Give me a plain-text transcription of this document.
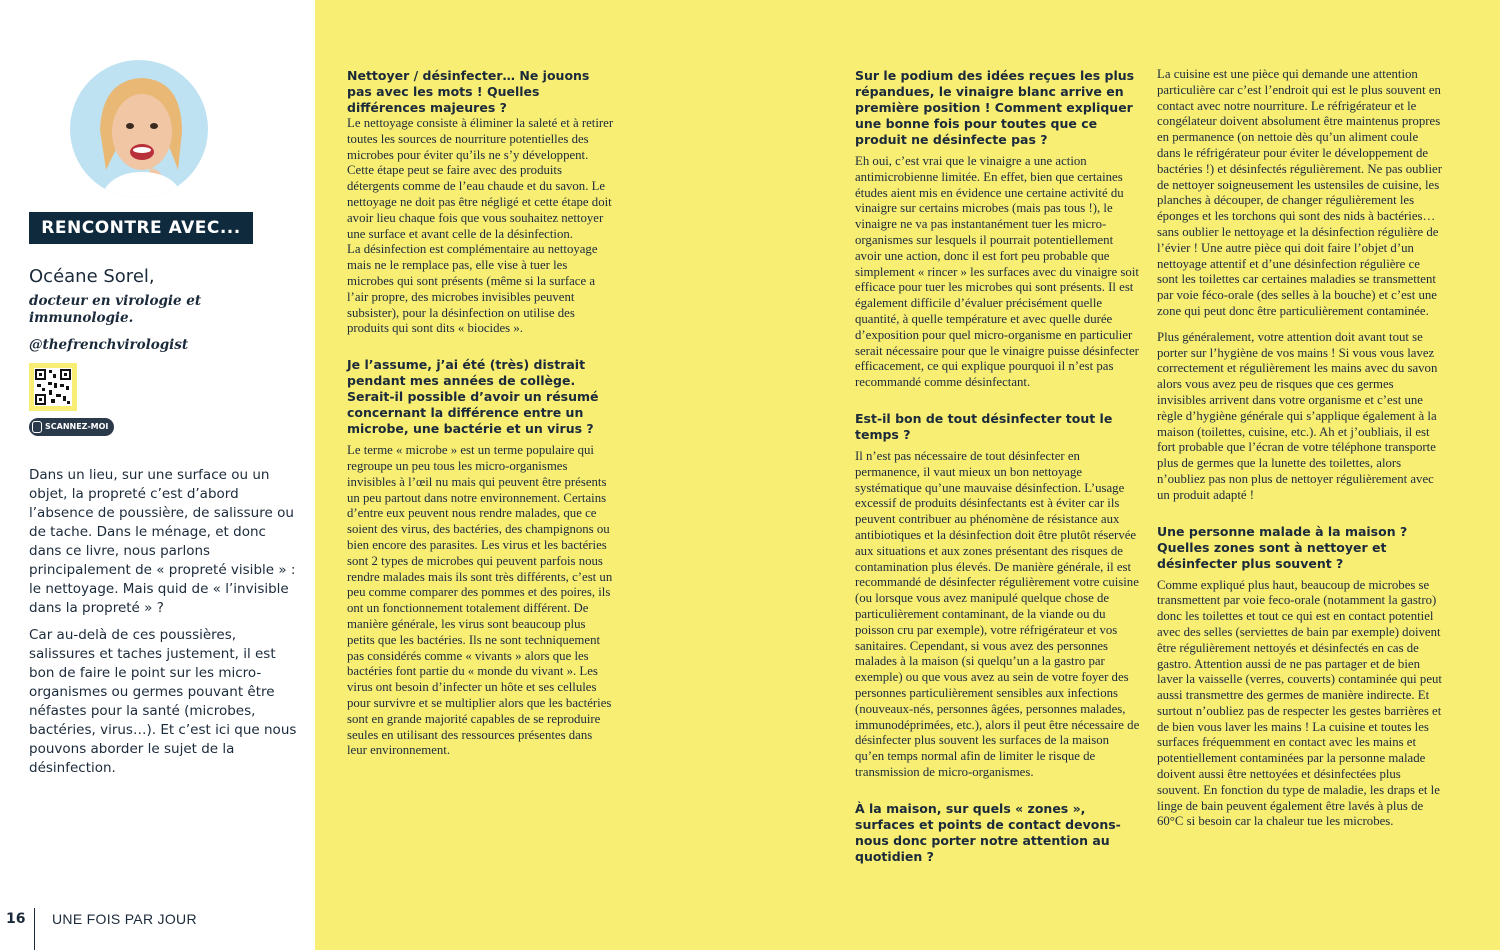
RENCONTRE AVEC...
Océane Sorel,
docteur en virologie et immunologie.
@thefrenchvirologist
SCANNEZ-MOI

Dans un lieu, sur une surface ou un objet, la propreté c’est d’abord l’absence de poussière, de salissure ou de tache. Dans le ménage, et donc dans ce livre, nous parlons principalement de « propreté visible » : le nettoyage. Mais quid de « l’invisible dans la propreté » ?

Car au-delà de ces poussières, salissures et taches justement, il est bon de faire le point sur les micro-organismes ou germes pouvant être néfastes pour la santé (microbes, bactéries, virus…). Et c’est ici que nous pouvons aborder le sujet de la désinfection.

16 UNE FOIS PAR JOUR
Nettoyer / désinfecter… Ne jouons pas avec les mots ! Quelles différences majeures ?

Le nettoyage consiste à éliminer la saleté et à retirer toutes les sources de nourriture potentielles des microbes pour éviter qu’ils ne s’y développent. Cette étape peut se faire avec des produits détergents comme de l’eau chaude et du savon. Le nettoyage ne doit pas être négligé et cette étape doit avoir lieu chaque fois que vous souhaitez nettoyer une surface et avant celle de la désinfection.

La désinfection est complémentaire au nettoyage mais ne le remplace pas, elle vise à tuer les microbes qui sont présents (même si la surface a l’air propre, des microbes invisibles peuvent subsister), pour la désinfection on utilise des produits qui sont dits « biocides ».

Je l’assume, j’ai été (très) distrait pendant mes années de collège. Serait-il possible d’avoir un résumé concernant la différence entre un microbe, une bactérie et un virus ?

Le terme « microbe » est un terme populaire qui regroupe un peu tous les micro-organismes invisibles à l’œil nu mais qui peuvent être présents un peu partout dans notre environnement. Certains d’entre eux peuvent nous rendre malades, que ce soient des virus, des bactéries, des champignons ou bien encore des parasites. Les virus et les bactéries sont 2 types de microbes qui peuvent parfois nous rendre malades mais ils sont très différents, c’est un peu comme comparer des pommes et des poires, ils ont un fonctionnement totalement différent. De manière générale, les virus sont beaucoup plus petits que les bactéries. Ils ne sont techniquement pas considérés comme « vivants » alors que les bactéries font partie du « monde du vivant ». Les virus ont besoin d’infecter un hôte et ses cellules pour survivre et se multiplier alors que les bactéries sont en grande majorité capables de se reproduire seules en utilisant des ressources présentes dans leur environnement.

Sur le podium des idées reçues les plus répandues, le vinaigre blanc arrive en première position ! Comment expliquer une bonne fois pour toutes que ce produit ne désinfecte pas ?

Eh oui, c’est vrai que le vinaigre a une action antimicrobienne limitée. En effet, bien que certaines études aient mis en évidence une certaine activité du vinaigre sur certains microbes (mais pas tous !), le vinaigre ne va pas instantanément tuer les micro-organismes sur lesquels il pourrait potentiellement avoir une action, donc il est fort peu probable que simplement « rincer » les surfaces avec du vinaigre soit efficace pour tuer les microbes qui sont présents. Il est également difficile d’évaluer précisément quelle quantité, à quelle température et avec quelle durée d’exposition pour quel micro-organisme en particulier serait nécessaire pour que le vinaigre puisse désinfecter efficacement, ce qui explique pourquoi il n’est pas recommandé comme désinfectant.

Est-il bon de tout désinfecter tout le temps ?

Il n’est pas nécessaire de tout désinfecter en permanence, il vaut mieux un bon nettoyage systématique qu’une mauvaise désinfection. L’usage excessif de produits désinfectants est à éviter car ils peuvent contribuer au phénomène de résistance aux antibiotiques et la désinfection doit être plutôt réservée aux situations et aux zones présentant des risques de contamination plus élevés. De manière générale, il est recommandé de désinfecter régulièrement votre cuisine (ou lorsque vous avez manipulé quelque chose de particulièrement contaminant, de la viande ou du poisson cru par exemple), votre réfrigérateur et vos sanitaires. Cependant, si vous avez des personnes malades à la maison (si quelqu’un a la gastro par exemple) ou que vous avez au sein de votre foyer des personnes particulièrement sensibles aux infections (nouveaux-nés, personnes âgées, personnes malades, immunodéprimées, etc.), alors il peut être nécessaire de désinfecter plus souvent les surfaces de la maison qu’en temps normal afin de limiter le risque de transmission de micro-organismes.

À la maison, sur quels « zones », surfaces et points de contact devons-nous donc porter notre attention au quotidien ?

La cuisine est une pièce qui demande une attention particulière car c’est l’endroit qui est le plus souvent en contact avec notre nourriture. Le réfrigérateur et le congélateur doivent absolument être maintenus propres en permanence (on nettoie dès qu’un aliment coule dans le réfrigérateur pour éviter le développement de bactéries !) et désinfectés régulièrement. Ne pas oublier de nettoyer soigneusement les ustensiles de cuisine, les planches à découper, de changer régulièrement les éponges et les torchons qui sont des nids à bactéries… sans oublier le nettoyage et la désinfection régulière de l’évier ! Une autre pièce qui doit faire l’objet d’un nettoyage attentif et d’une désinfection régulière ce sont les toilettes car certaines maladies se transmettent par voie féco-orale (des selles à la bouche) et c’est une zone qui peut donc être particulièrement contaminée.

Plus généralement, votre attention doit avant tout se porter sur l’hygiène de vos mains ! Si vous vous lavez correctement et régulièrement les mains avec du savon alors vous avez peu de risques que ces germes invisibles arrivent dans votre organisme et c’est une règle d’hygiène générale qui s’applique également à la maison (toilettes, cuisine, etc.). Ah et j’oubliais, il est fort probable que l’écran de votre téléphone transporte plus de germes que la lunette des toilettes, alors n’oubliez pas non plus de nettoyer régulièrement avec un produit adapté !

Une personne malade à la maison ? Quelles zones sont à nettoyer et désinfecter plus souvent ?

Comme expliqué plus haut, beaucoup de microbes se transmettent par voie feco-orale (notamment la gastro) donc les toilettes et tout ce qui est en contact potentiel avec des selles (serviettes de bain par exemple) doivent être régulièrement nettoyés et désinfectés en cas de gastro. Attention aussi de ne pas partager et de bien laver la vaisselle (verres, couverts) contaminée qui peut aussi transmettre des germes de manière indirecte. Et surtout n’oubliez pas de respecter les gestes barrières et de bien vous laver les mains ! La cuisine et toutes les surfaces fréquemment en contact avec les mains et potentiellement contaminées par la personne malade doivent aussi être nettoyées et désinfectées plus souvent. En fonction du type de maladie, les draps et le linge de bain peuvent également être lavés à plus de 60°C si besoin car la chaleur tue les microbes.
